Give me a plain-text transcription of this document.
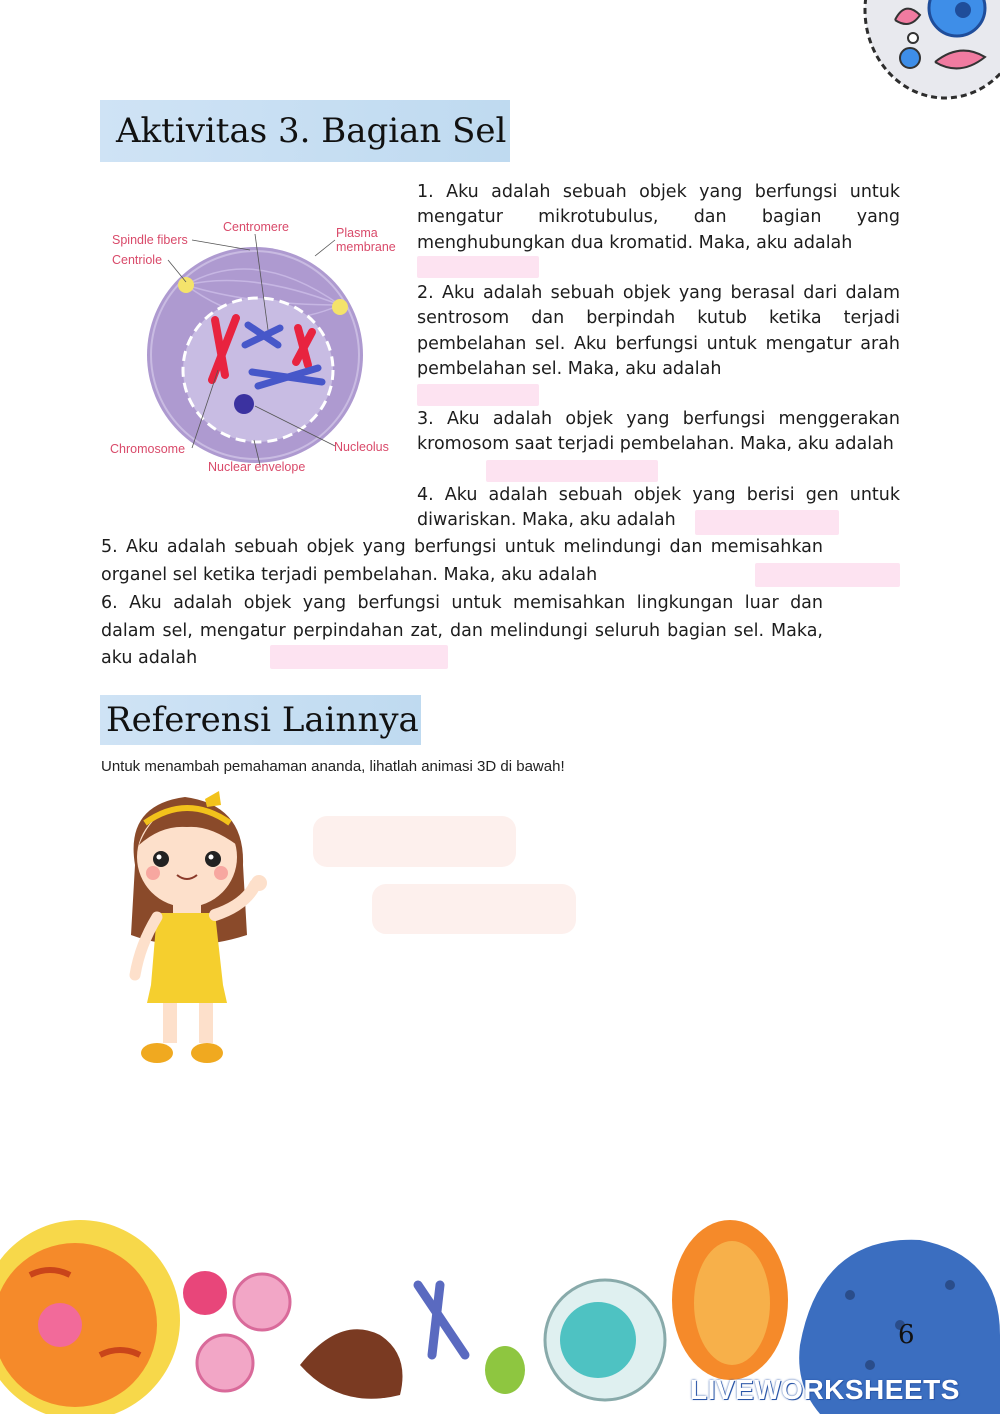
Aktivitas 3. Bagian Sel
Spindle fibers
Centriole
Centromere	Plasma
membrane
Chromosome
Nuclear envelope
Nucleolus
1. Aku adalah sebuah objek yang berfungsi untuk mengatur mikrotubulus, dan bagian yang menghubungkan dua kromatid. Maka, aku adalah
2. Aku adalah sebuah objek yang berasal dari dalam sentrosom dan berpindah kutub ketika terjadi pembelahan sel. Aku berfungsi untuk mengatur arah pembelahan sel. Maka, aku adalah
3. Aku adalah objek yang berfungsi menggerakan kromosom saat terjadi pembelahan. Maka, aku adalah
4. Aku adalah sebuah objek yang berisi gen untuk diwariskan. Maka, aku adalah
5. Aku adalah sebuah objek yang berfungsi untuk melindungi dan memisahkan organel sel ketika terjadi pembelahan. Maka, aku adalah
6. Aku adalah objek yang berfungsi untuk memisahkan lingkungan luar dan dalam sel, mengatur perpindahan zat, dan melindungi seluruh bagian sel. Maka, aku adalah
Referensi Lainnya
Untuk menambah pemahaman ananda, lihatlah animasi 3D di bawah!
6
LIVEWORKSHEETS
